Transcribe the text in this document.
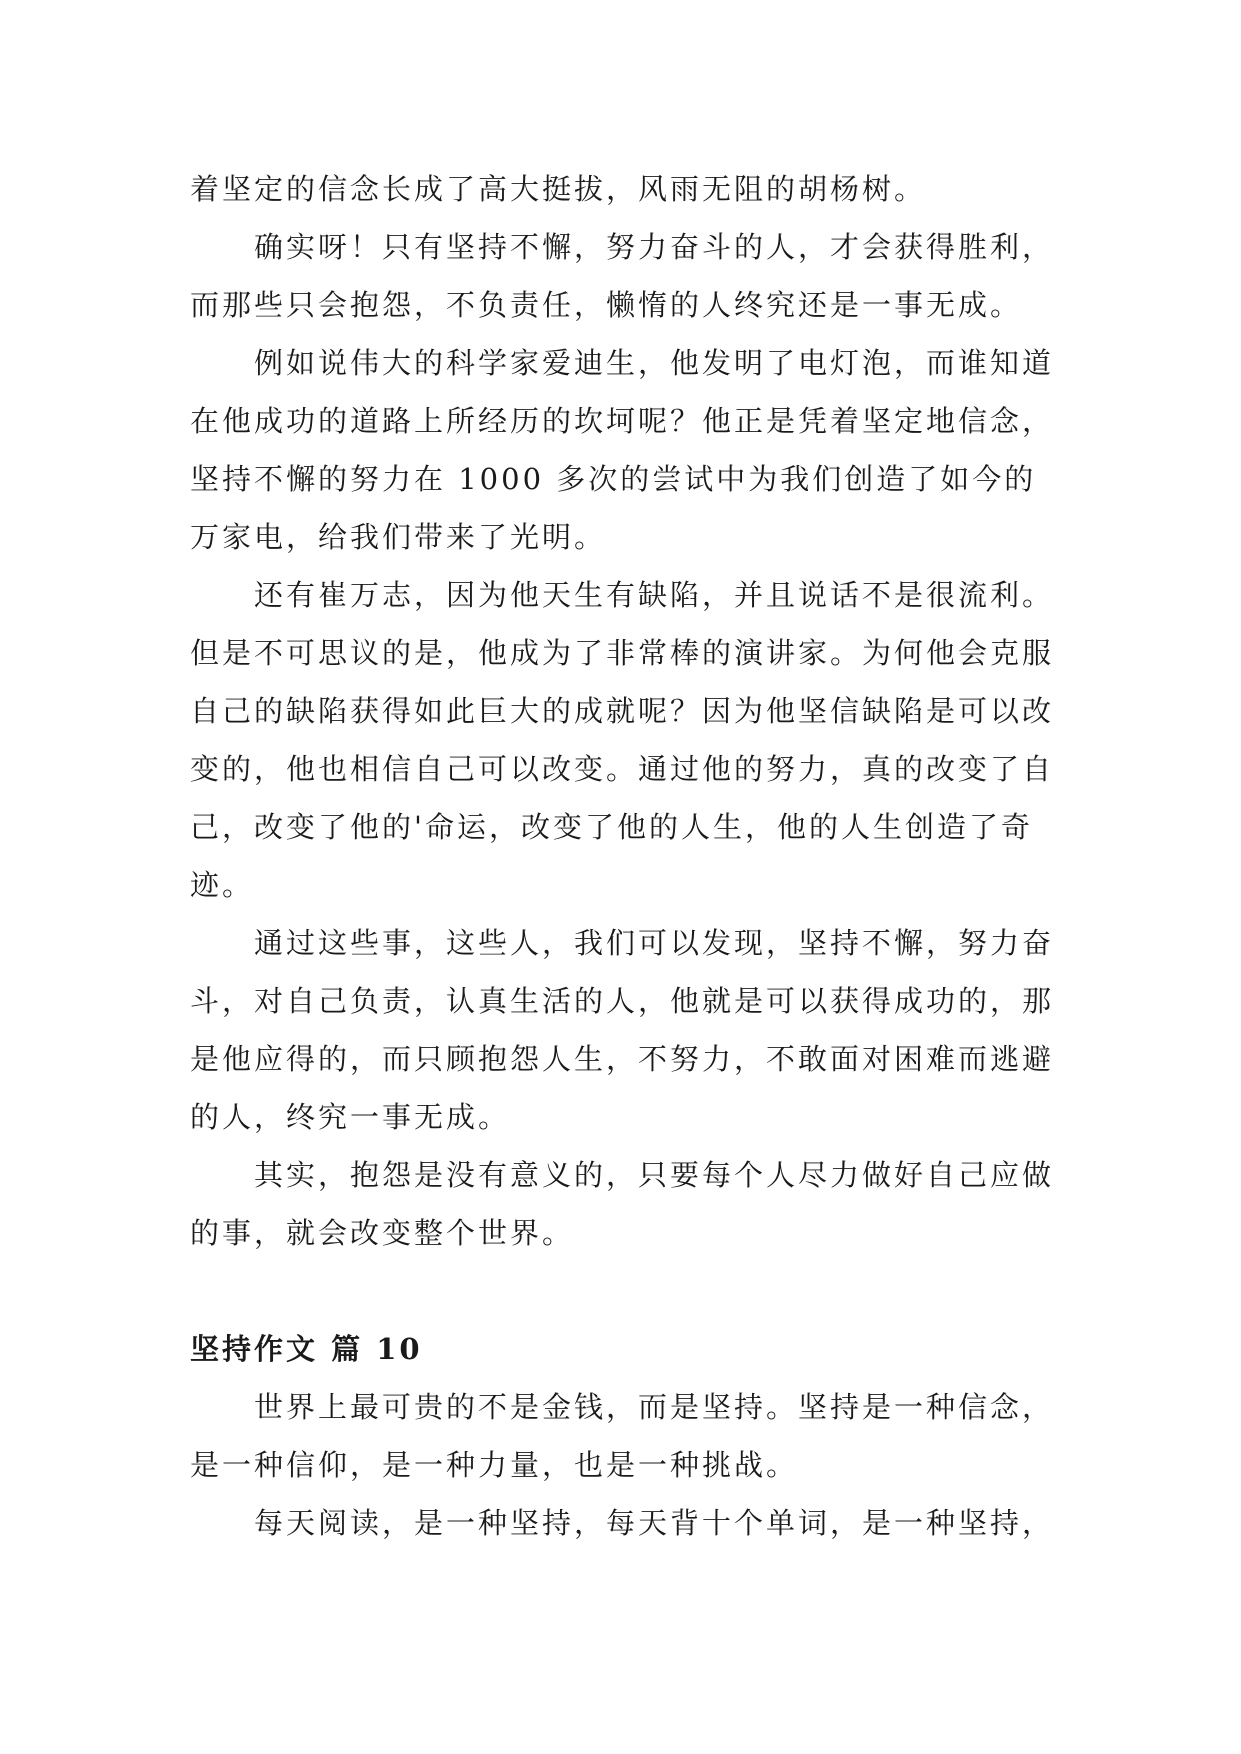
着坚定的信念长成了高大挺拔，风雨无阻的胡杨树。

确实呀！只有坚持不懈，努力奋斗的人，才会获得胜利，而那些只会抱怨，不负责任，懒惰的人终究还是一事无成。

例如说伟大的科学家爱迪生，他发明了电灯泡，而谁知道在他成功的道路上所经历的坎坷呢？他正是凭着坚定地信念，坚持不懈的努力在 1000 多次的尝试中为我们创造了如今的万家电，给我们带来了光明。

还有崔万志，因为他天生有缺陷，并且说话不是很流利。但是不可思议的是，他成为了非常棒的演讲家。为何他会克服自己的缺陷获得如此巨大的成就呢？因为他坚信缺陷是可以改变的，他也相信自己可以改变。通过他的努力，真的改变了自己，改变了他的'命运，改变了他的人生，他的人生创造了奇迹。

通过这些事，这些人，我们可以发现，坚持不懈，努力奋斗，对自己负责，认真生活的人，他就是可以获得成功的，那是他应得的，而只顾抱怨人生，不努力，不敢面对困难而逃避的人，终究一事无成。

其实，抱怨是没有意义的，只要每个人尽力做好自己应做的事，就会改变整个世界。

坚持作文 篇 10

世界上最可贵的不是金钱，而是坚持。坚持是一种信念，是一种信仰，是一种力量，也是一种挑战。

每天阅读，是一种坚持，每天背十个单词，是一种坚持，
